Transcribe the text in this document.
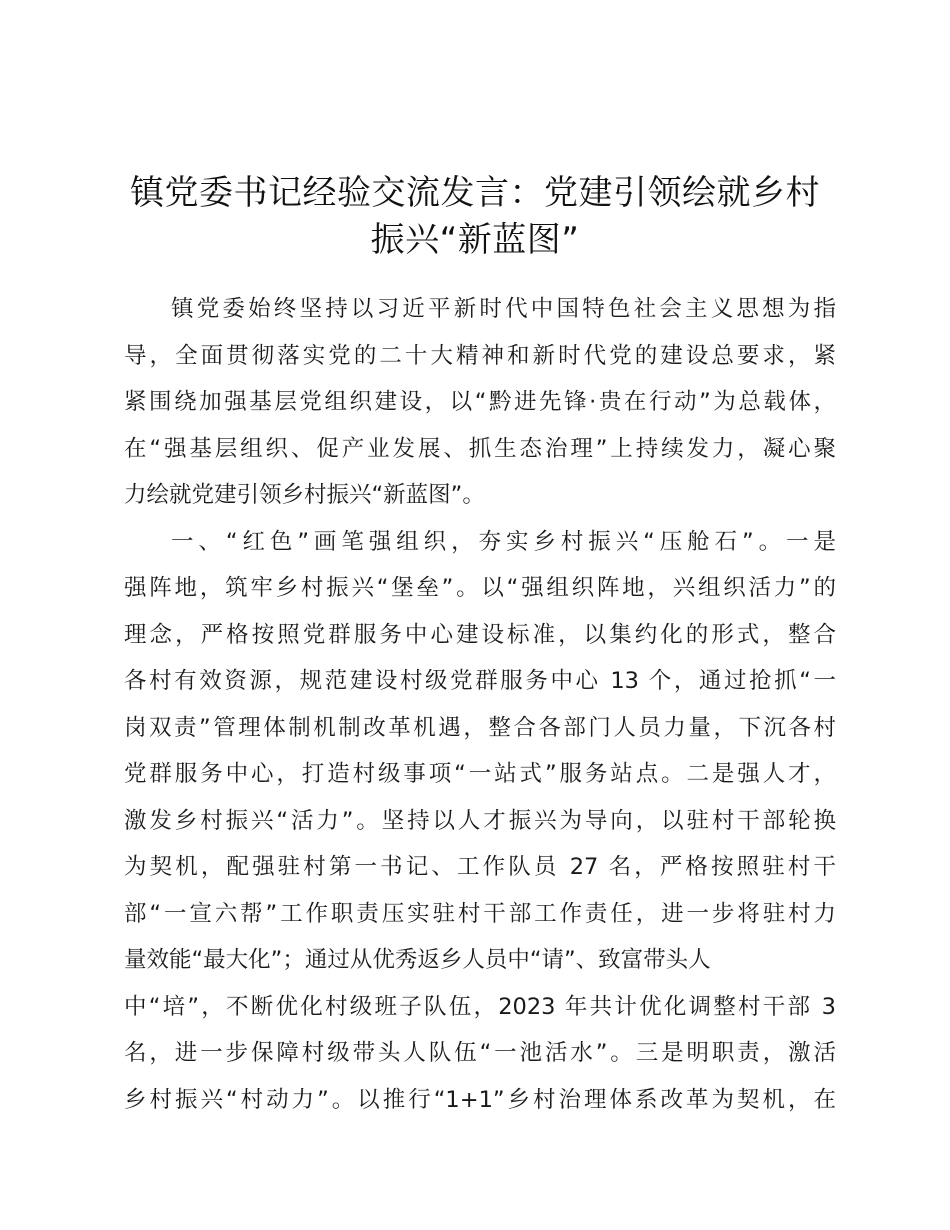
镇党委书记经验交流发言：党建引领绘就乡村
振兴“新蓝图”
镇党委始终坚持以习近平新时代中国特色社会主义思想为指
导，全面贯彻落实党的二十大精神和新时代党的建设总要求，紧
紧围绕加强基层党组织建设，以“黔进先锋·贵在行动”为总载体，
在“强基层组织、促产业发展、抓生态治理”上持续发力，凝心聚
力绘就党建引领乡村振兴“新蓝图”。
一、“红色”画笔强组织，夯实乡村振兴“压舱石”。一是
强阵地，筑牢乡村振兴“堡垒”。以“强组织阵地，兴组织活力”的
理念，严格按照党群服务中心建设标准，以集约化的形式，整合
各村有效资源，规范建设村级党群服务中心 13 个，通过抢抓“一
岗双责”管理体制机制改革机遇，整合各部门人员力量，下沉各村
党群服务中心，打造村级事项“一站式”服务站点。二是强人才，
激发乡村振兴“活力”。坚持以人才振兴为导向，以驻村干部轮换
为契机，配强驻村第一书记、工作队员 27 名，严格按照驻村干
部“一宣六帮”工作职责压实驻村干部工作责任，进一步将驻村力
量效能“最大化”；通过从优秀返乡人员中“请”、致富带头人
中“培”，不断优化村级班子队伍，2023 年共计优化调整村干部 3
名，进一步保障村级带头人队伍“一池活水”。三是明职责，激活
乡村振兴“村动力”。以推行“1+1”乡村治理体系改革为契机，在
